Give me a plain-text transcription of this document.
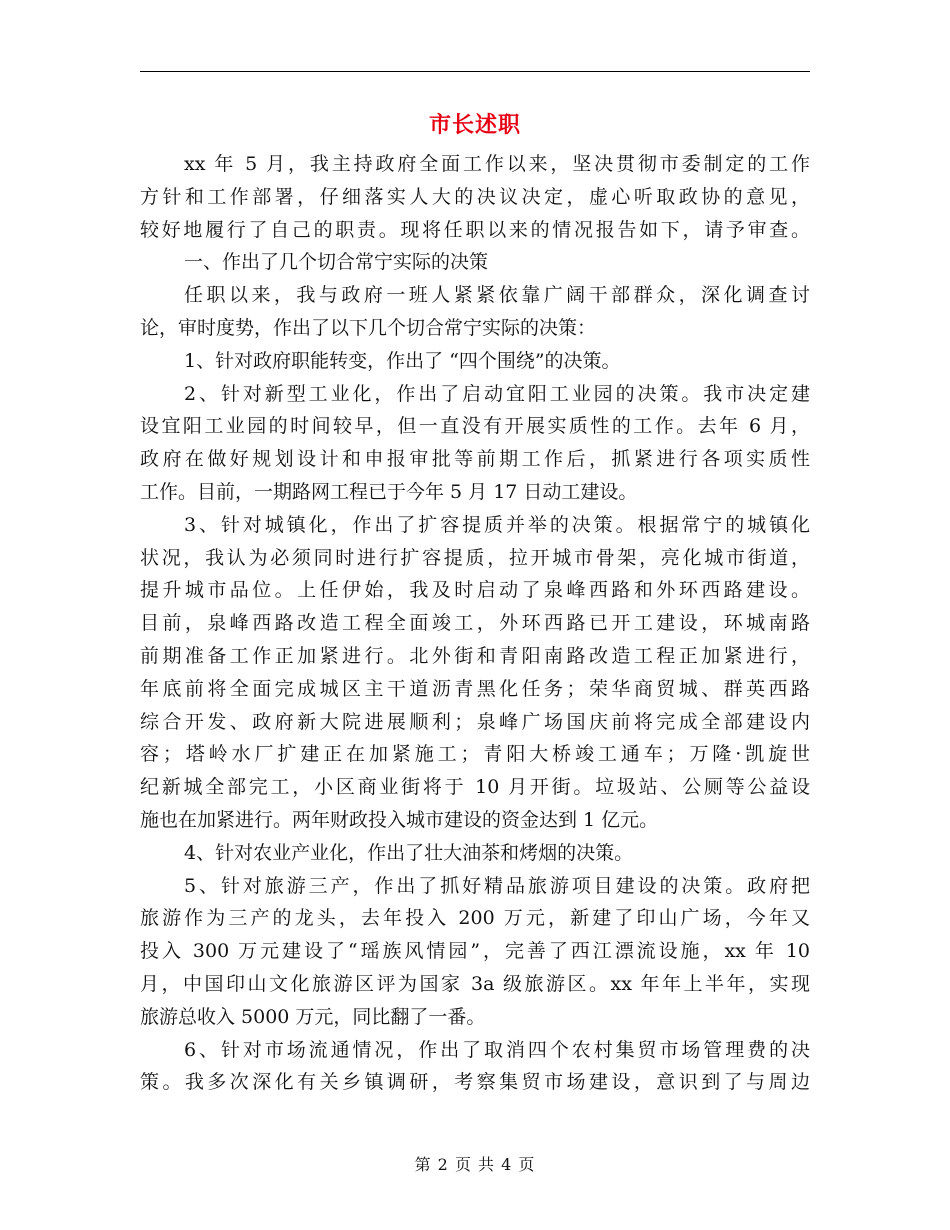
市长述职
xx 年 5 月，我主持政府全面工作以来，坚决贯彻市委制定的工作
方针和工作部署，仔细落实人大的决议决定，虚心听取政协的意见，
较好地履行了自己的职责。现将任职以来的情况报告如下，请予审查。
一、作出了几个切合常宁实际的决策
任职以来，我与政府一班人紧紧依靠广阔干部群众，深化调查讨
论，审时度势，作出了以下几个切合常宁实际的决策：
1、针对政府职能转变，作出了 “四个围绕”的决策。
2、针对新型工业化，作出了启动宜阳工业园的决策。我市决定建
设宜阳工业园的时间较早，但一直没有开展实质性的工作。去年 6 月，
政府在做好规划设计和申报审批等前期工作后，抓紧进行各项实质性
工作。目前，一期路网工程已于今年 5 月 17 日动工建设。
3、针对城镇化，作出了扩容提质并举的决策。根据常宁的城镇化
状况，我认为必须同时进行扩容提质，拉开城市骨架，亮化城市街道，
提升城市品位。上任伊始，我及时启动了泉峰西路和外环西路建设。
目前，泉峰西路改造工程全面竣工，外环西路已开工建设，环城南路
前期准备工作正加紧进行。北外街和青阳南路改造工程正加紧进行，
年底前将全面完成城区主干道沥青黑化任务；荣华商贸城、群英西路
综合开发、政府新大院进展顺利；泉峰广场国庆前将完成全部建设内
容；塔岭水厂扩建正在加紧施工；青阳大桥竣工通车；万隆·凯旋世
纪新城全部完工，小区商业街将于 10 月开街。垃圾站、公厕等公益设
施也在加紧进行。两年财政投入城市建设的资金达到 1 亿元。
4、针对农业产业化，作出了壮大油茶和烤烟的决策。
5、针对旅游三产，作出了抓好精品旅游项目建设的决策。政府把
旅游作为三产的龙头，去年投入 200 万元，新建了印山广场，今年又
投入 300 万元建设了“瑶族风情园”，完善了西江漂流设施，xx 年 10
月，中国印山文化旅游区评为国家 3a 级旅游区。xx 年年上半年，实现
旅游总收入 5000 万元，同比翻了一番。
6、针对市场流通情况，作出了取消四个农村集贸市场管理费的决
策。我多次深化有关乡镇调研，考察集贸市场建设，意识到了与周边
第 2 页 共 4 页
